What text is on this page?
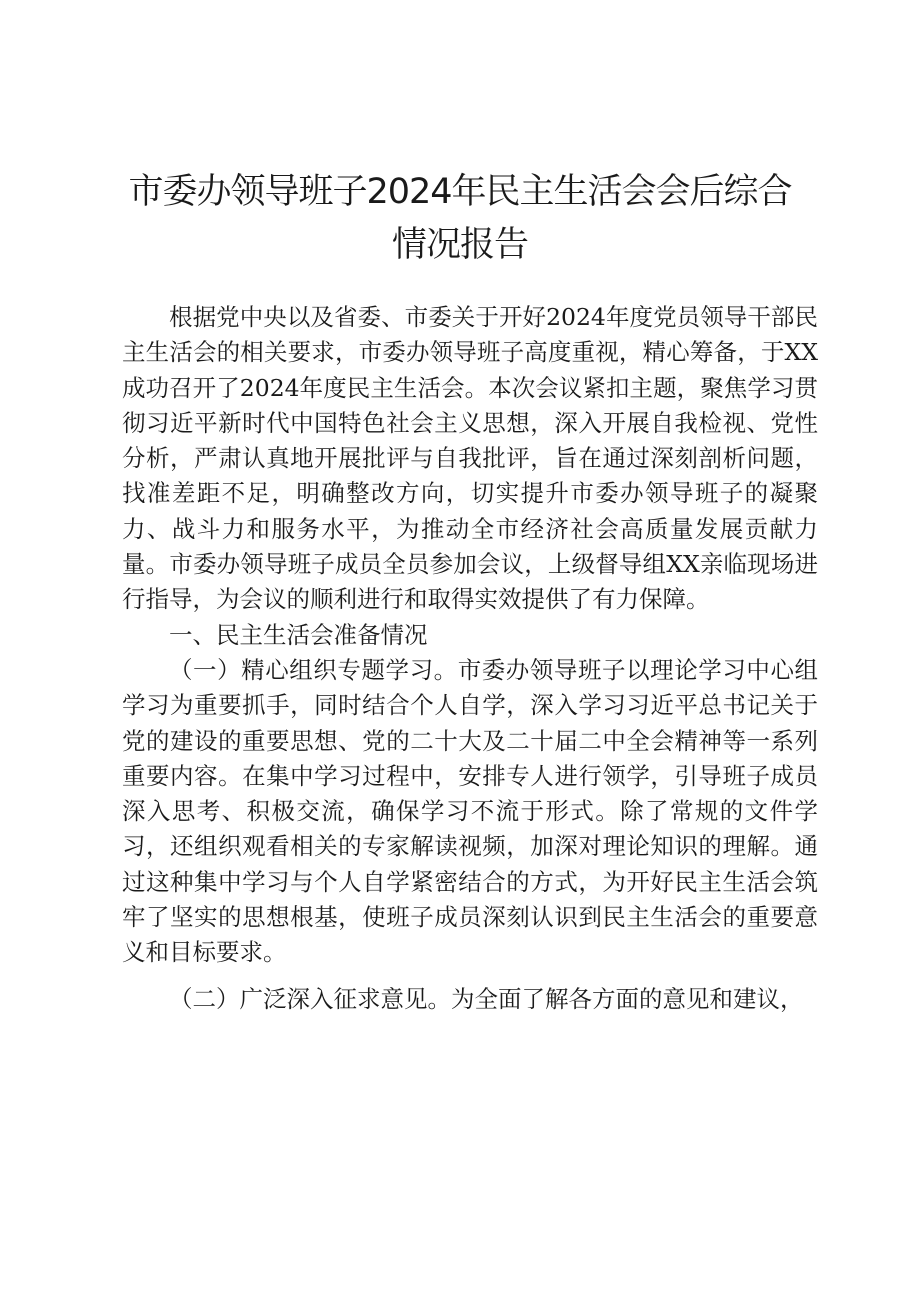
市委办领导班子2024年民主生活会会后综合
情况报告

根据党中央以及省委、市委关于开好2024年度党员领导干部民主生活会的相关要求，市委办领导班子高度重视，精心筹备，于XX成功召开了2024年度民主生活会。本次会议紧扣主题，聚焦学习贯彻习近平新时代中国特色社会主义思想，深入开展自我检视、党性分析，严肃认真地开展批评与自我批评，旨在通过深刻剖析问题，找准差距不足，明确整改方向，切实提升市委办领导班子的凝聚力、战斗力和服务水平，为推动全市经济社会高质量发展贡献力量。市委办领导班子成员全员参加会议，上级督导组XX亲临现场进行指导，为会议的顺利进行和取得实效提供了有力保障。

一、民主生活会准备情况

（一）精心组织专题学习。市委办领导班子以理论学习中心组学习为重要抓手，同时结合个人自学，深入学习习近平总书记关于党的建设的重要思想、党的二十大及二十届二中全会精神等一系列重要内容。在集中学习过程中，安排专人进行领学，引导班子成员深入思考、积极交流，确保学习不流于形式。除了常规的文件学习，还组织观看相关的专家解读视频，加深对理论知识的理解。通过这种集中学习与个人自学紧密结合的方式，为开好民主生活会筑牢了坚实的思想根基，使班子成员深刻认识到民主生活会的重要意义和目标要求。

（二）广泛深入征求意见。为全面了解各方面的意见和建议，
